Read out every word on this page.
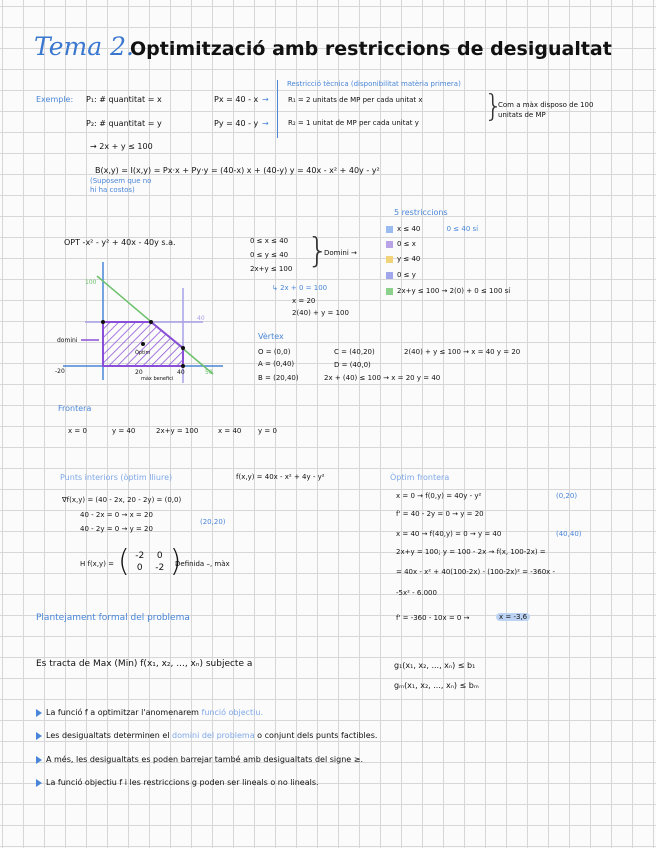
Tema 2.
Optimització amb restriccions de desigualtat
Exemple: P₁: # quantitat = x
P₂: # quantitat = y
Px = 40 - x
Py = 40 - y
→
→
Restricció tècnica (disponibilitat matèria primera)
R₁ = 2 unitats de MP per cada unitat x
R₂ = 1 unitat de MP per cada unitat y }
Com a màx disposo de 100 unitats de MP
→ 2x + y ≤ 100
B(x,y) = I(x,y) = Px·x + Py·y = (40-x) x + (40-y) y = 40x - x² + 40y - y²
(Suposem que no hi ha costos)
OPT -x² - y² + 40x - 40y s.a.	0 ≤ x ≤ 40
0 ≤ y ≤ 40
2x+y ≤ 100 }
Domini →
↳ 2x + 0 = 100
x = 20
2(40) + y = 100
5 restriccions
x ≤ 40	0 ≤ 40 sí
0 ≤ x
y ≤ 40
0 ≤ y
2x+y ≤ 100 → 2(0) + 0 ≤ 100 sí
100
-20	20	40	50
domini
Òptim
40
màx benefici
Vèrtex
O = (0,0)
A = (0,40)
B = (20,40)
C = (40,20)
D = (40,0)
2(40) + y ≤ 100 → x = 40 y = 20
2x + (40) ≤ 100 → x = 20 y = 40
Frontera
x = 0	y = 40	2x+y = 100	x = 40 y = 0
Punts interiors (òptim lliure)	f(x,y) = 40x - x² + 4y - y²
∇f(x,y) = (40 - 2x, 20 - 2y) = (0,0)
40 - 2x = 0 → x = 20
40 - 2y = 0 → y = 20
(20,20)
H f(x,y) = ( -2	0
0	-2 )
Definida –, màx
Òptim frontera
x = 0 → f(0,y) = 40y - y²	(0,20)
f' = 40 - 2y = 0 → y = 20
x = 40 → f(40,y) = 0 → y = 40	(40,40)
2x+y = 100; y = 100 - 2x → f(x, 100-2x) =
= 40x - x² + 40(100-2x) - (100-2x)² = -360x -
-5x² - 6.000
f' = -360 - 10x = 0 →	x = -3,6
Plantejament formal del problema
Es tracta de Max (Min) f(x₁, x₂, ..., xₙ) subjecte a	g₁(x₁, x₂, ..., xₙ) ≤ b₁
gₘ(x₁, x₂, ..., xₙ) ≤ bₘ
La funció f a optimitzar l'anomenarem funció objectiu.
Les desigualtats determinen el domini del problema o conjunt dels punts factibles.
A més, les desigualtats es poden barrejar també amb desigualtats del signe ≥.
La funció objectiu f i les restriccions g poden ser lineals o no lineals.
